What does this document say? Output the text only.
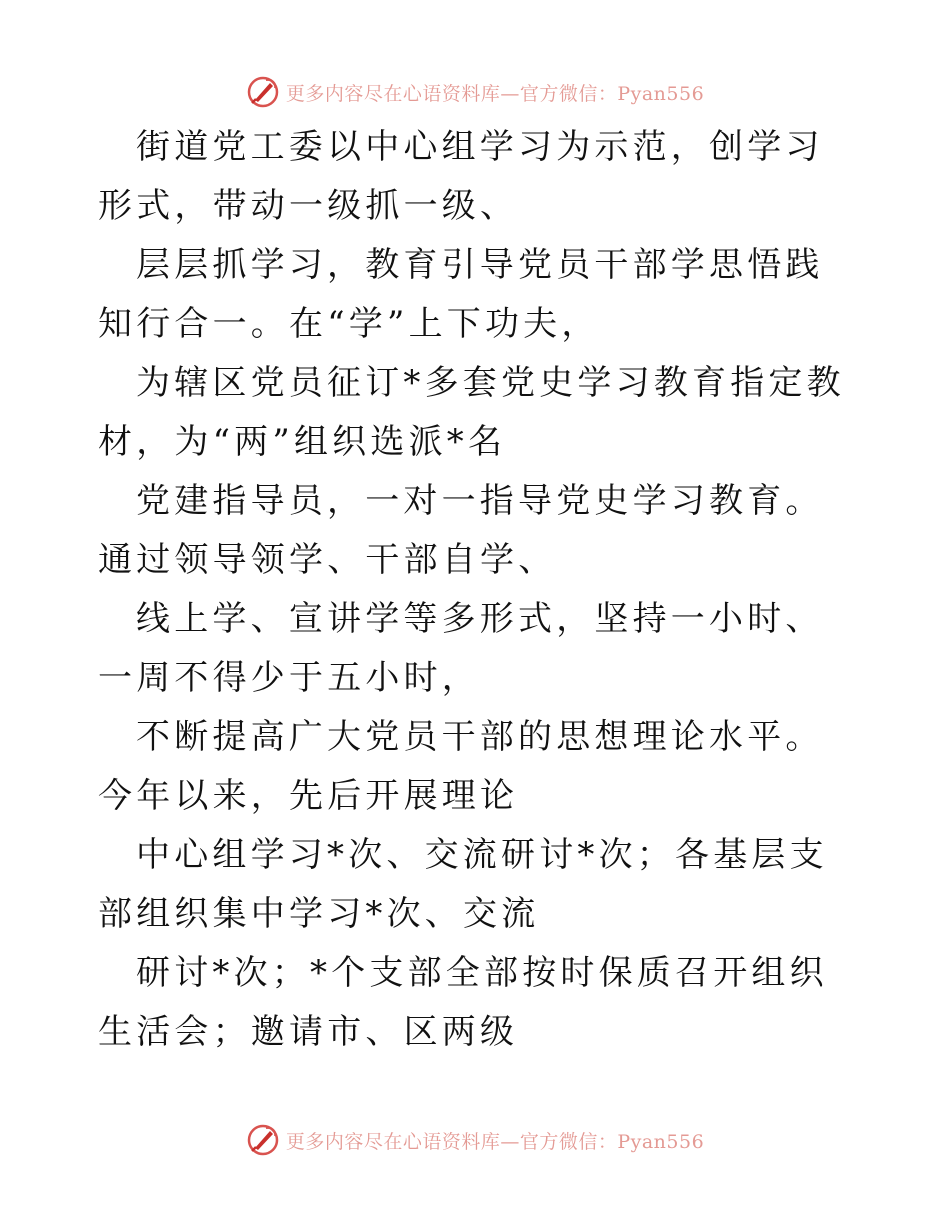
更多内容尽在心语资料库—官方微信：Pyan556

街道党工委以中心组学习为示范，创学习形式，带动一级抓一级、

层层抓学习，教育引导党员干部学思悟践知行合一。在“学”上下功夫，

为辖区党员征订*多套党史学习教育指定教材，为“两”组织选派*名

党建指导员，一对一指导党史学习教育。通过领导领学、干部自学、

线上学、宣讲学等多形式，坚持一小时、一周不得少于五小时，

不断提高广大党员干部的思想理论水平。今年以来，先后开展理论

中心组学习*次、交流研讨*次；各基层支部组织集中学习*次、交流

研讨*次；*个支部全部按时保质召开组织生活会；邀请市、区两级

更多内容尽在心语资料库—官方微信：Pyan556
